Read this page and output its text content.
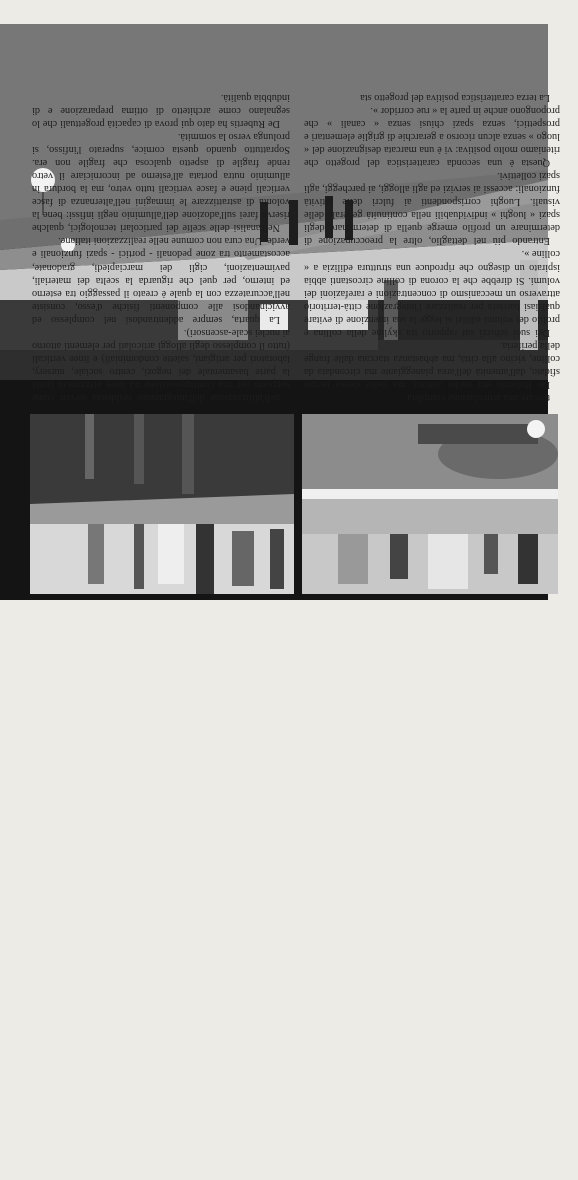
trovare una articolazione completa.

De Rubertis era anche aiutato, ma nello stesso tempo sfidato, dall'amenità dell'area pianeggiante ma circondata da colline, vicino alla città, ma abbastanza staccata dalle frange della periferia.

Dei suoi schizzi sul rapporto tra skyline della collina e profilo dei volumi edilizi si legge la sua intenzione di evitare qualsiasi barriera per realizzare l'integrazione città-territorio attraverso un meccanismo di concentrazioni e rarefazioni dei volumi. Si direbbe che la corona di colline circostanti abbia ispirato un disegno che riproduce una struttura edilizia a « colline ».

Entrando più nel dettaglio, oltre la preoccupazione di determinare un profilo emerge quella di determinare degli spazi « luoghi » individuabili nella continuità generale delle visuali. Luoghi corrispondenti ai fulcri delle attività funzionali: accessi ai servizi ed agli alloggi, ai parcheggi, agli spazi collettivi.

Questa è una seconda caratteristica del progetto che riteniamo molto positiva: vi è una marcata designazione del « luogo » senza alcun ricorso a gerarchie di griglie elementari e prospettici, senza spazi chiusi senza « canali » che propongono anche in parte la « rue corridor ».

La terza caratteristica positiva del progetto sta

nell'utilizzazione dell'integrazione residenza servizi come supporto per una contrapposizione tra linee orizzontali (tutta la parte basamentale dei negozi, centro sociale, nursery, laboratori per artigiani, salette condominiali) e linee verticali (tutto il complesso degli alloggi articolati per elementi attorno ai nuclei scale-ascensori).

La quarta, sempre addentrandosi nel complesso ed avvicinandosi alle componenti fisiche d'esso, consiste nell'accuratezza con la quale è creato il passaggio tra esterno ed interno, per quel che riguarda la scelta dei materiali, pavimentazioni, cigli dei marciapiedi, gradonate, accostamento tra zone pedonali - portici - spazi funzionali e verde. Una cura non comune nelle realizzazioni italiane.

Nell'analisi delle scelte dei particolari tecnologici, qualche riserva farei sull'adozione dell'alluminio negli infissi: bene la volontà di astrattizzare le immagini nell'alternanza di fasce verticali piene e fasce verticali tutto vetro, ma la bordura in alluminio nutra portata all'esterno ad incorniciare il vetro rende fragile di aspetto qualcosa che fragile non era. Soprattutto quando questa cornice, superato l'infisso, si prolunga verso la sommità.

De Rubertis ha dato qui prova di capacità progettuali che lo segnalano come architetto di ottima preparazione e di indubbia qualità.
